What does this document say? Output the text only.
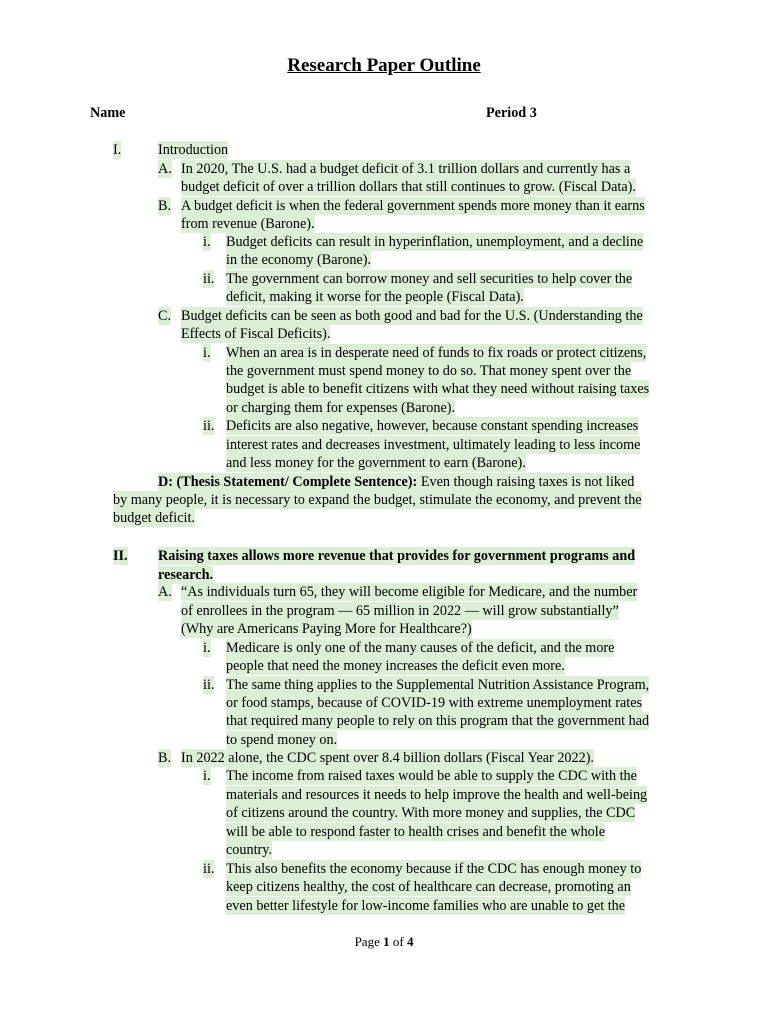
Research Paper Outline
Name	Period 3
I.	Introduction
A. In 2020, The U.S. had a budget deficit of 3.1 trillion dollars and currently has a
budget deficit of over a trillion dollars that still continues to grow. (Fiscal Data).
B. A budget deficit is when the federal government spends more money than it earns
from revenue (Barone).
i. Budget deficits can result in hyperinflation, unemployment, and a decline
in the economy (Barone).
ii. The government can borrow money and sell securities to help cover the
deficit, making it worse for the people (Fiscal Data).
C. Budget deficits can be seen as both good and bad for the U.S. (Understanding the
Effects of Fiscal Deficits).
i. When an area is in desperate need of funds to fix roads or protect citizens,
the government must spend money to do so. That money spent over the
budget is able to benefit citizens with what they need without raising taxes
or charging them for expenses (Barone).
ii. Deficits are also negative, however, because constant spending increases
interest rates and decreases investment, ultimately leading to less income
and less money for the government to earn (Barone).
D: (Thesis Statement/ Complete Sentence): Even though raising taxes is not liked
by many people, it is necessary to expand the budget, stimulate the economy, and prevent the
budget deficit.
II. Raising taxes allows more revenue that provides for government programs and
research.
A. “As individuals turn 65, they will become eligible for Medicare, and the number
of enrollees in the program — 65 million in 2022 — will grow substantially”
(Why are Americans Paying More for Healthcare?)
i. Medicare is only one of the many causes of the deficit, and the more
people that need the money increases the deficit even more.
ii. The same thing applies to the Supplemental Nutrition Assistance Program,
or food stamps, because of COVID-19 with extreme unemployment rates
that required many people to rely on this program that the government had
to spend money on.
B. In 2022 alone, the CDC spent over 8.4 billion dollars (Fiscal Year 2022).
i. The income from raised taxes would be able to supply the CDC with the
materials and resources it needs to help improve the health and well-being
of citizens around the country. With more money and supplies, the CDC
will be able to respond faster to health crises and benefit the whole
country.
ii. This also benefits the economy because if the CDC has enough money to
keep citizens healthy, the cost of healthcare can decrease, promoting an
even better lifestyle for low-income families who are unable to get the
Page 1 of 4
